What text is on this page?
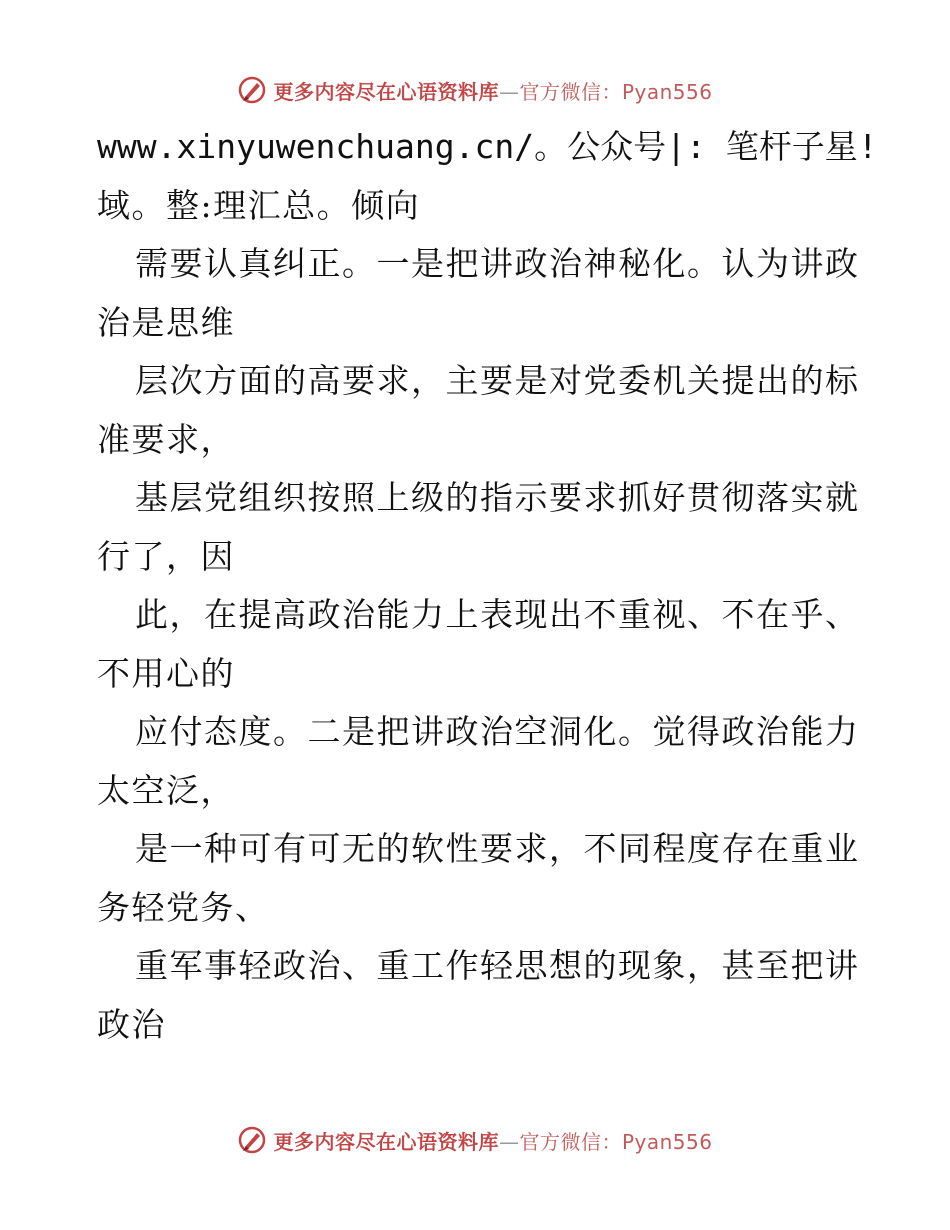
更多内容尽在心语资料库—官方微信：Pyan556
www.xinyuwenchuang.cn/。公众号|: 笔杆子星!
域。整:理汇总。倾向
需要认真纠正。一是把讲政治神秘化。认为讲政
治是思维
层次方面的高要求，主要是对党委机关提出的标
准要求，
基层党组织按照上级的指示要求抓好贯彻落实就
行了，因
此，在提高政治能力上表现出不重视、不在乎、
不用心的
应付态度。二是把讲政治空洞化。觉得政治能力
太空泛，
是一种可有可无的软性要求，不同程度存在重业
务轻党务、
重军事轻政治、重工作轻思想的现象，甚至把讲
政治
更多内容尽在心语资料库—官方微信：Pyan556
